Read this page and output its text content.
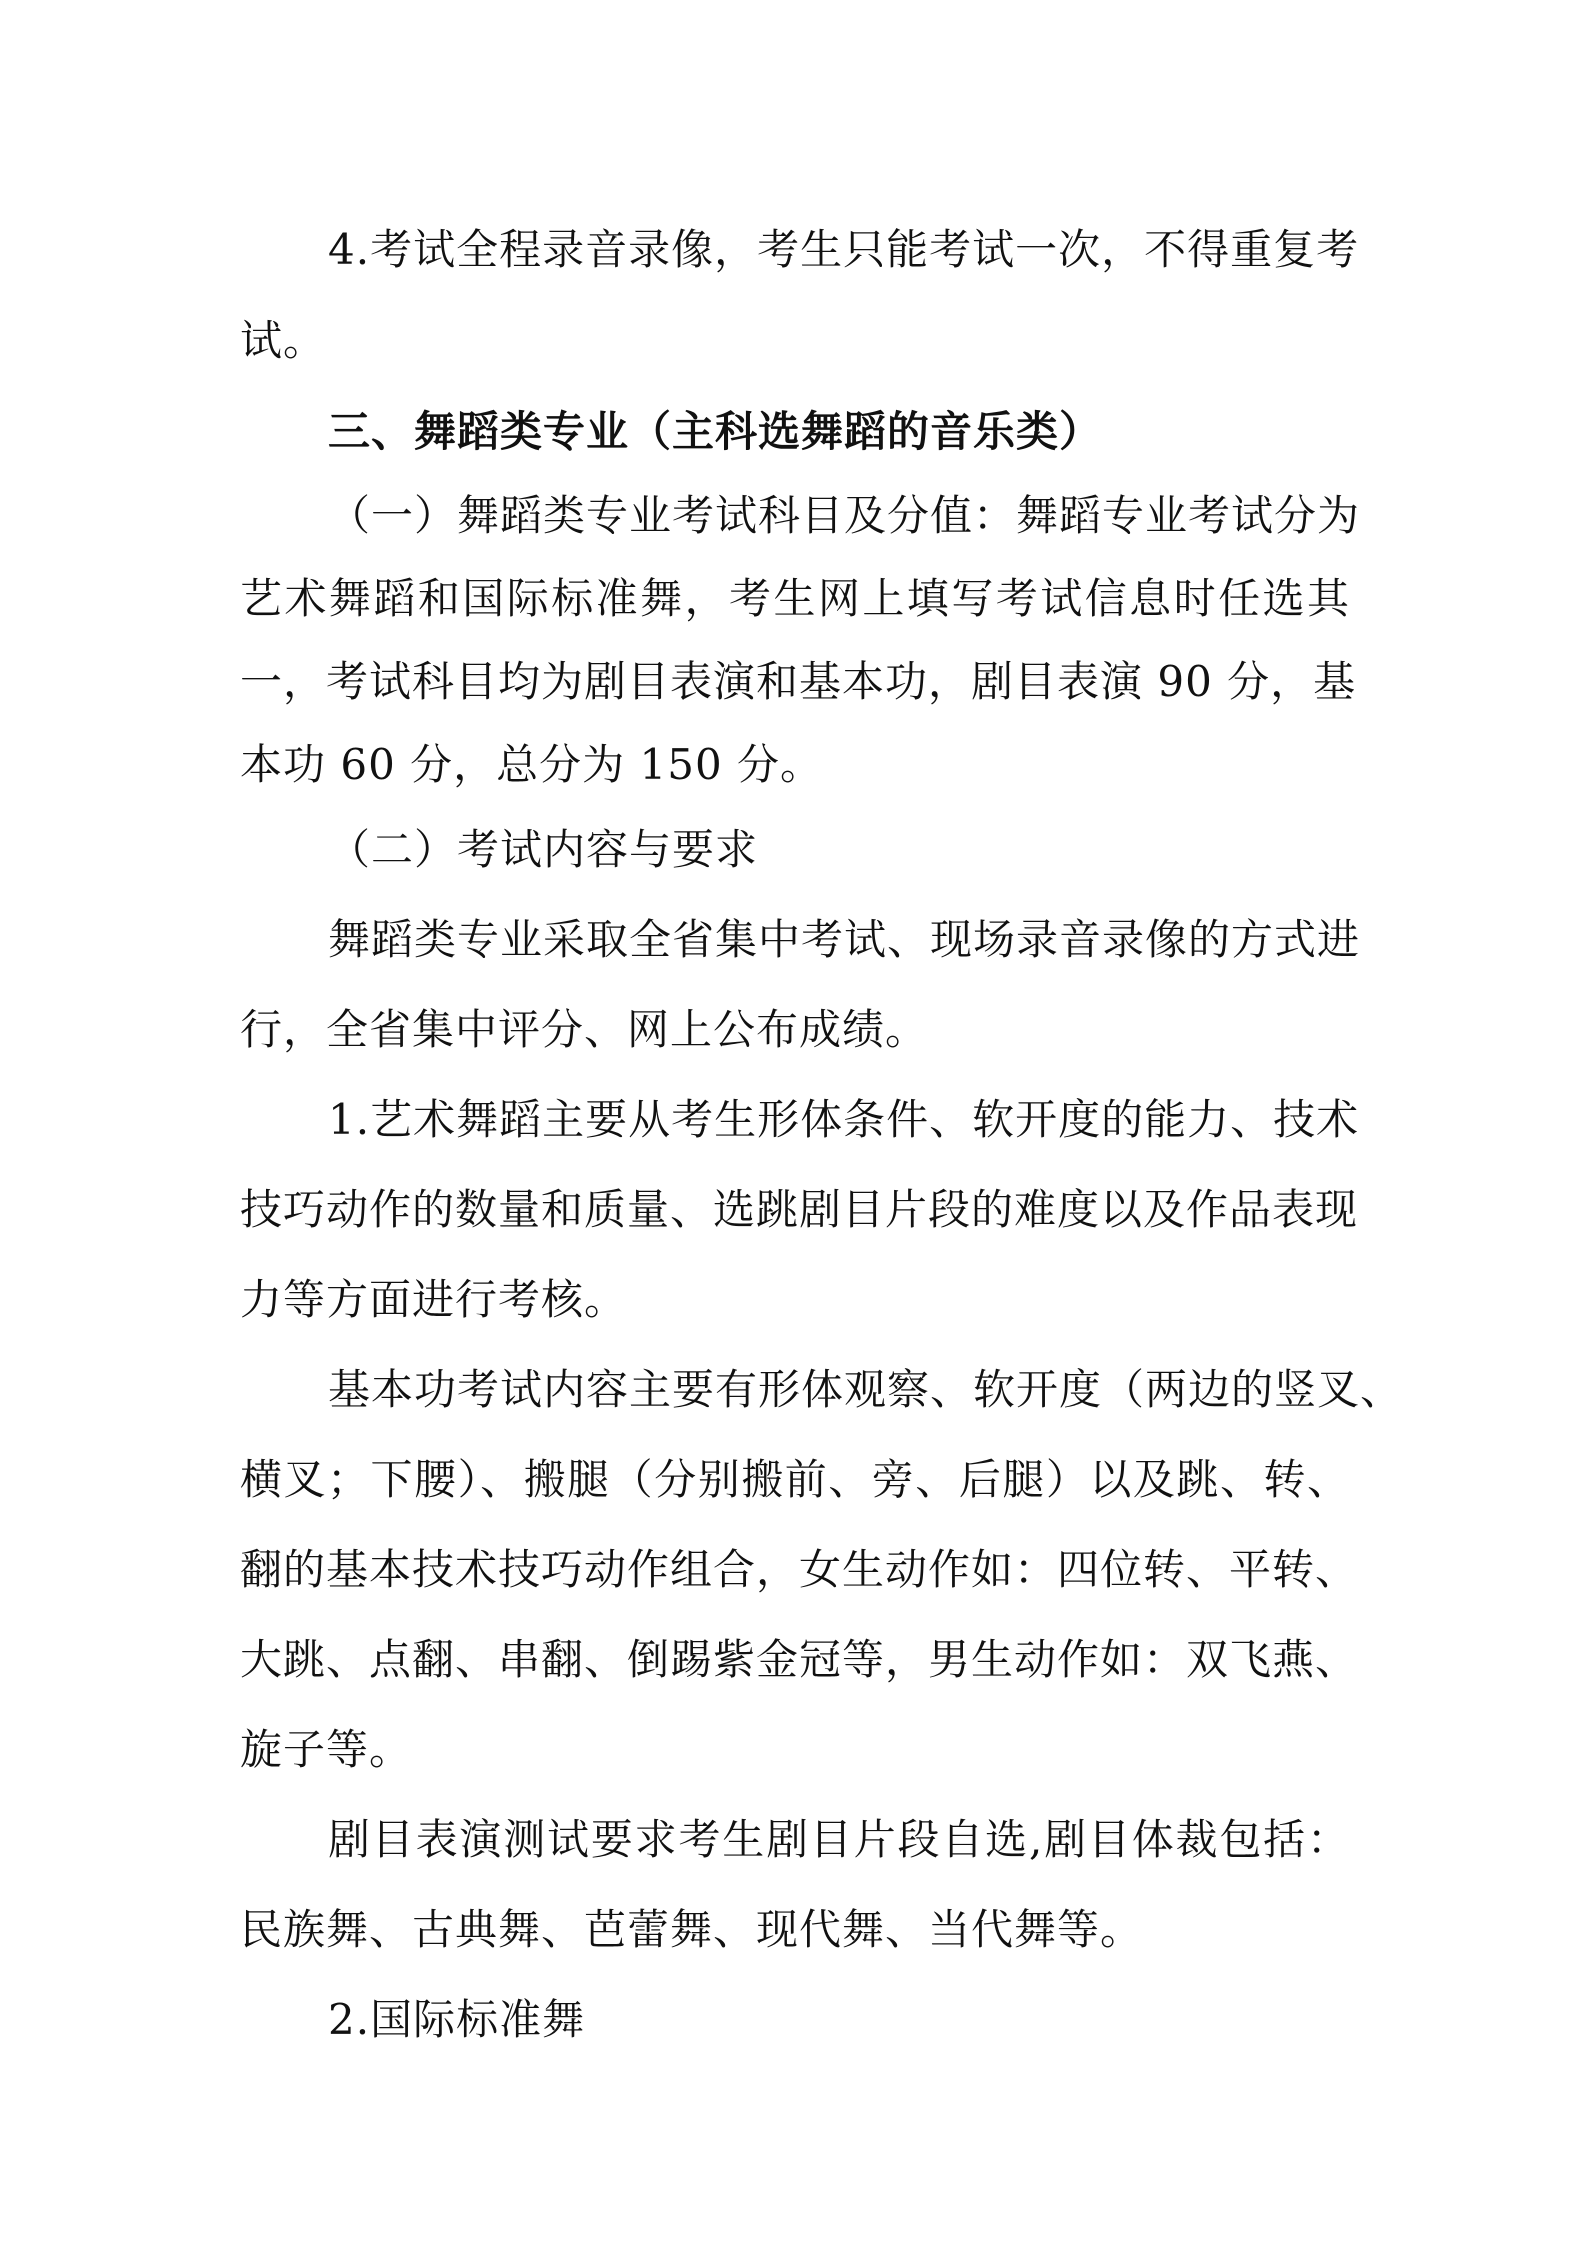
4.考试全程录音录像，考生只能考试一次，不得重复考
试。
三、舞蹈类专业（主科选舞蹈的音乐类）
（一）舞蹈类专业考试科目及分值：舞蹈专业考试分为
艺术舞蹈和国际标准舞，考生网上填写考试信息时任选其
一，考试科目均为剧目表演和基本功，剧目表演 90 分，基
本功 60 分，总分为 150 分。
（二）考试内容与要求
舞蹈类专业采取全省集中考试、现场录音录像的方式进
行，全省集中评分、网上公布成绩。
1.艺术舞蹈主要从考生形体条件、软开度的能力、技术
技巧动作的数量和质量、选跳剧目片段的难度以及作品表现
力等方面进行考核。
基本功考试内容主要有形体观察、软开度（两边的竖叉、
横叉；下腰）、搬腿（分别搬前、旁、后腿）以及跳、转、
翻的基本技术技巧动作组合，女生动作如：四位转、平转、
大跳、点翻、串翻、倒踢紫金冠等，男生动作如：双飞燕、
旋子等。
剧目表演测试要求考生剧目片段自选,剧目体裁包括：
民族舞、古典舞、芭蕾舞、现代舞、当代舞等。
2.国际标准舞
